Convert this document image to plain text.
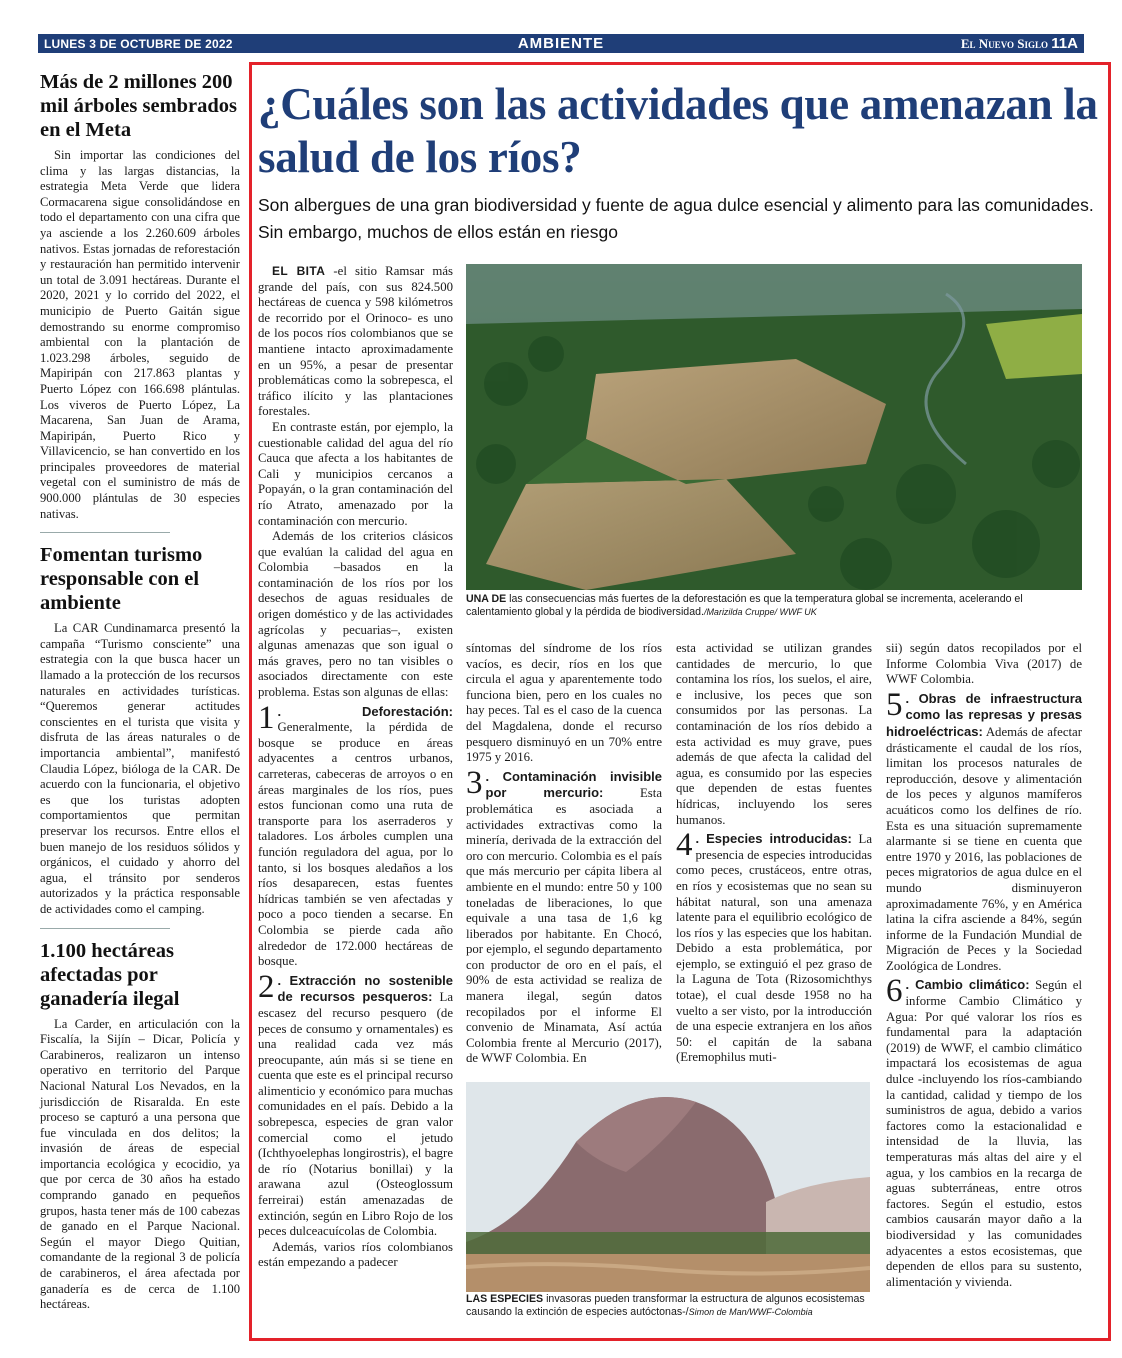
LUNES 3 DE OCTUBRE DE 2022	AMBIENTE	El Nuevo Siglo 11A
Más de 2 millones 200 mil árboles sembrados en el Meta

Sin importar las condiciones del clima y las largas distancias, la estrategia Meta Verde que lidera Cormacarena sigue consolidándose en todo el departamento con una cifra que ya asciende a los 2.260.609 árboles nativos. Estas jornadas de reforestación y restauración han permitido intervenir un total de 3.091 hectáreas. Durante el 2020, 2021 y lo corrido del 2022, el municipio de Puerto Gaitán sigue demostrando su enorme compromiso ambiental con la plantación de 1.023.298 árboles, seguido de Mapiripán con 217.863 plantas y Puerto López con 166.698 plántulas. Los viveros de Puerto López, La Macarena, San Juan de Arama, Mapiripán, Puerto Rico y Villavicencio, se han convertido en los principales proveedores de material vegetal con el suministro de más de 900.000 plántulas de 30 especies nativas.

Fomentan turismo responsable con el ambiente

La CAR Cundinamarca presentó la campaña “Turismo consciente” una estrategia con la que busca hacer un llamado a la protección de los recursos naturales en actividades turísticas. “Queremos generar actitudes conscientes en el turista que visita y disfruta de las áreas naturales o de importancia ambiental”, manifestó Claudia López, bióloga de la CAR. De acuerdo con la funcionaria, el objetivo es que los turistas adopten comportamientos que permitan preservar los recursos. Entre ellos el buen manejo de los residuos sólidos y orgánicos, el cuidado y ahorro del agua, el tránsito por senderos autorizados y la práctica responsable de actividades como el camping.

1.100 hectáreas afectadas por ganadería ilegal

La Carder, en articulación con la Fiscalía, la Sijín – Dicar, Policía y Carabineros, realizaron un intenso operativo en territorio del Parque Nacional Natural Los Nevados, en la jurisdicción de Risaralda. En este proceso se capturó a una persona que fue vinculada en dos delitos; la invasión de áreas de especial importancia ecológica y ecocidio, ya que por cerca de 30 años ha estado comprando ganado en pequeños grupos, hasta tener más de 100 cabezas de ganado en el Parque Nacional. Según el mayor Diego Quitian, comandante de la regional 3 de policía de carabineros, el área afectada por ganadería es de cerca de 1.100 hectáreas.

¿Cuáles son las actividades que amenazan la salud de los ríos?

Son albergues de una gran biodiversidad y fuente de agua dulce esencial y alimento para las comunidades. Sin embargo, muchos de ellos están en riesgo

EL BITA -el sitio Ramsar más grande del país, con sus 824.500 hectáreas de cuenca y 598 kilómetros de recorrido por el Orinoco- es uno de los pocos ríos colombianos que se mantiene intacto aproximadamente en un 95%, a pesar de presentar problemáticas como la sobrepesca, el tráfico ilícito y las plantaciones forestales.

En contraste están, por ejemplo, la cuestionable calidad del agua del río Cauca que afecta a los habitantes de Cali y municipios cercanos a Popayán, o la gran contaminación del río Atrato, amenazado por la contaminación con mercurio.

Además de los criterios clásicos que evalúan la calidad del agua en Colombia –basados en la contaminación de los ríos por los desechos de aguas residuales de origen doméstico y de las actividades agrícolas y pecuarias–, existen algunas amenazas que son igual o más graves, pero no tan visibles o asociados directamente con este problema. Estas son algunas de ellas:

1 . Deforestación: Generalmente, la pérdida de bosque se produce en áreas adyacentes a centros urbanos, carreteras, cabeceras de arroyos o en áreas marginales de los ríos, pues estos funcionan como una ruta de transporte para los aserraderos y taladores. Los árboles cumplen una función reguladora del agua, por lo tanto, si los bosques aledaños a los ríos desaparecen, estas fuentes hídricas también se ven afectadas y poco a poco tienden a secarse. En Colombia se pierde cada año alrededor de 172.000 hectáreas de bosque.

2 . Extracción no sostenible de recursos pesqueros: La escasez del recurso pesquero (de peces de consumo y ornamentales) es una realidad cada vez más preocupante, aún más si se tiene en cuenta que este es el principal recurso alimenticio y económico para muchas comunidades en el país. Debido a la sobrepesca, especies de gran valor comercial como el jetudo (Ichthyoelephas longirostris), el bagre de río (Notarius bonillai) y la arawana azul (Osteoglossum ferreirai) están amenazadas de extinción, según en Libro Rojo de los peces dulceacuícolas de Colombia.

Además, varios ríos colombianos están empezando a padecer

UNA DE las consecuencias más fuertes de la deforestación es que la temperatura global se incrementa, acelerando el calentamiento global y la pérdida de biodiversidad./Marizilda Cruppe/ WWF UK

síntomas del síndrome de los ríos vacíos, es decir, ríos en los que circula el agua y aparentemente todo funciona bien, pero en los cuales no hay peces. Tal es el caso de la cuenca del Magdalena, donde el recurso pesquero disminuyó en un 70% entre 1975 y 2016.

3 . Contaminación invisible por mercurio:	Esta problemática es asociada a actividades extractivas como la minería, derivada de la extracción del oro con mercurio. Colombia es el país que más mercurio per cápita libera al ambiente en el mundo: entre 50 y 100 toneladas de liberaciones, lo que equivale a una tasa de 1,6 kg liberados por habitante. En Chocó, por ejemplo, el segundo departamento con productor de oro en el país, el 90% de esta actividad se realiza de manera ilegal, según datos recopilados por el informe El convenio de Minamata, Así actúa Colombia frente al Mercurio (2017), de WWF Colombia. En

esta actividad se utilizan grandes cantidades de mercurio, lo que contamina los ríos, los suelos, el aire, e inclusive, los peces que son consumidos por las personas. La contaminación de los ríos debido a esta actividad es muy grave, pues además de que afecta la calidad del agua, es consumido por las especies que dependen de estas fuentes hídricas, incluyendo los seres humanos.

4 . Especies introducidas: La presencia de especies introducidas como peces, crustáceos, entre otras, en ríos y ecosistemas que no sean su hábitat natural, son una amenaza latente para el equilibrio ecológico de los ríos y las especies que los habitan. Debido a esta problemática, por ejemplo, se extinguió el pez graso de la Laguna de Tota (Rizosomichthys totae), el cual desde 1958 no ha vuelto a ser visto, por la introducción de una especie extranjera en los años 50: el capitán de la sabana (Eremophilus muti-

LAS ESPECIES invasoras pueden transformar la estructura de algunos ecosistemas causando la extinción de especies autóctonas-/Simon de Man/WWF-Colombia

sii) según datos recopilados por el Informe Colombia Viva (2017) de WWF Colombia.

5 . Obras de infraestructura como las represas y presas hidroeléctricas: Además de afectar drásticamente el caudal de los ríos, limitan los procesos naturales de reproducción, desove y alimentación de los peces y algunos mamíferos acuáticos como los delfines de río. Esta es una situación supremamente alarmante si se tiene en cuenta que entre 1970 y 2016, las poblaciones de peces migratorios de agua dulce en el mundo disminuyeron aproximadamente 76%, y en América latina la cifra asciende a 84%, según informe de la Fundación Mundial de Migración de Peces y la Sociedad Zoológica de Londres.

6 . Cambio climático: Según el informe Cambio Climático y Agua: Por qué valorar los ríos es fundamental para la adaptación (2019) de WWF, el cambio climático impactará los ecosistemas de agua dulce -incluyendo los ríos-cambiando la cantidad, calidad y tiempo de los suministros de agua, debido a varios factores como la estacionalidad e intensidad de la lluvia, las temperaturas más altas del aire y el agua, y los cambios en la recarga de aguas subterráneas, entre otros factores. Según el estudio, estos cambios causarán mayor daño a la biodiversidad y las comunidades adyacentes a estos ecosistemas, que dependen de ellos para su sustento, alimentación y vivienda.
